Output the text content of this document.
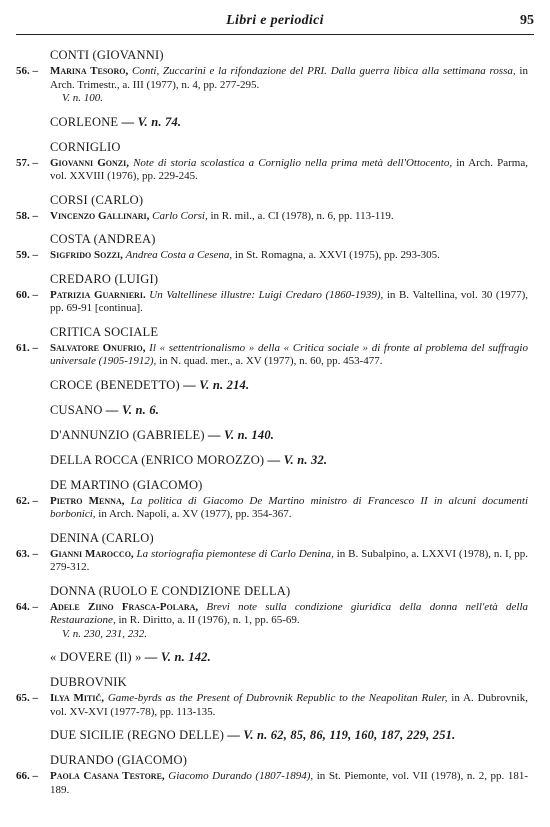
Libri e periodici	95
CONTI (GIOVANNI)
56. –	Marina Tesoro, Conti, Zuccarini e la rifondazione del PRI. Dalla guerra libica alla settimana rossa, in Arch. Trimestr., a. III (1977), n. 4, pp. 277-295.
V. n. 100.
CORLEONE — V. n. 74.
CORNIGLIO
57. –	Giovanni Gonzi, Note di storia scolastica a Corniglio nella prima metà dell'Ottocento, in Arch. Parma, vol. XXVIII (1976), pp. 229-245.
CORSI (CARLO)
58. –	Vincenzo Gallinari, Carlo Corsi, in R. mil., a. CI (1978), n. 6, pp. 113-119.
COSTA (ANDREA)
59. –	Sigfrido Sozzi, Andrea Costa a Cesena, in St. Romagna, a. XXVI (1975), pp. 293-305.
CREDARO (LUIGI)
60. –	Patrizia Guarnieri. Un Valtellinese illustre: Luigi Credaro (1860-1939), in B. Valtellina, vol. 30 (1977), pp. 69-91 [continua].
CRITICA SOCIALE
61. –	Salvatore Onufrio, Il « settentrionalismo » della « Critica sociale » di fronte al problema del suffragio universale (1905-1912), in N. quad. mer., a. XV (1977), n. 60, pp. 453-477.
CROCE (BENEDETTO) — V. n. 214.
CUSANO — V. n. 6.
D'ANNUNZIO (GABRIELE) — V. n. 140.
DELLA ROCCA (ENRICO MOROZZO) — V. n. 32.
DE MARTINO (GIACOMO)
62. –	Pietro Menna, La politica di Giacomo De Martino ministro di Francesco II in alcuni documenti borbonici, in Arch. Napoli, a. XV (1977), pp. 354-367.
DENINA (CARLO)
63. –	Gianni Marocco, La storiografia piemontese di Carlo Denina, in B. Subalpino, a. LXXVI (1978), n. I, pp. 279-312.
DONNA (RUOLO E CONDIZIONE DELLA)
64. –	Adele Ziino Frasca-Polara, Brevi note sulla condizione giuridica della donna nell'età della Restaurazione, in R. Diritto, a. II (1976), n. 1, pp. 65-69.
V. n. 230, 231, 232.
« DOVERE (Il) » — V. n. 142.
DUBROVNIK
65. –	Ilya Mitič, Game-byrds as the Present of Dubrovnik Republic to the Neapolitan Ruler, in A. Dubrovnik, vol. XV-XVI (1977-78), pp. 113-135.
DUE SICILIE (REGNO DELLE) — V. n. 62, 85, 86, 119, 160, 187, 229, 251.
DURANDO (GIACOMO)
66. –	Paola Casana Testore, Giacomo Durando (1807-1894), in St. Piemonte, vol. VII (1978), n. 2, pp. 181-189.
